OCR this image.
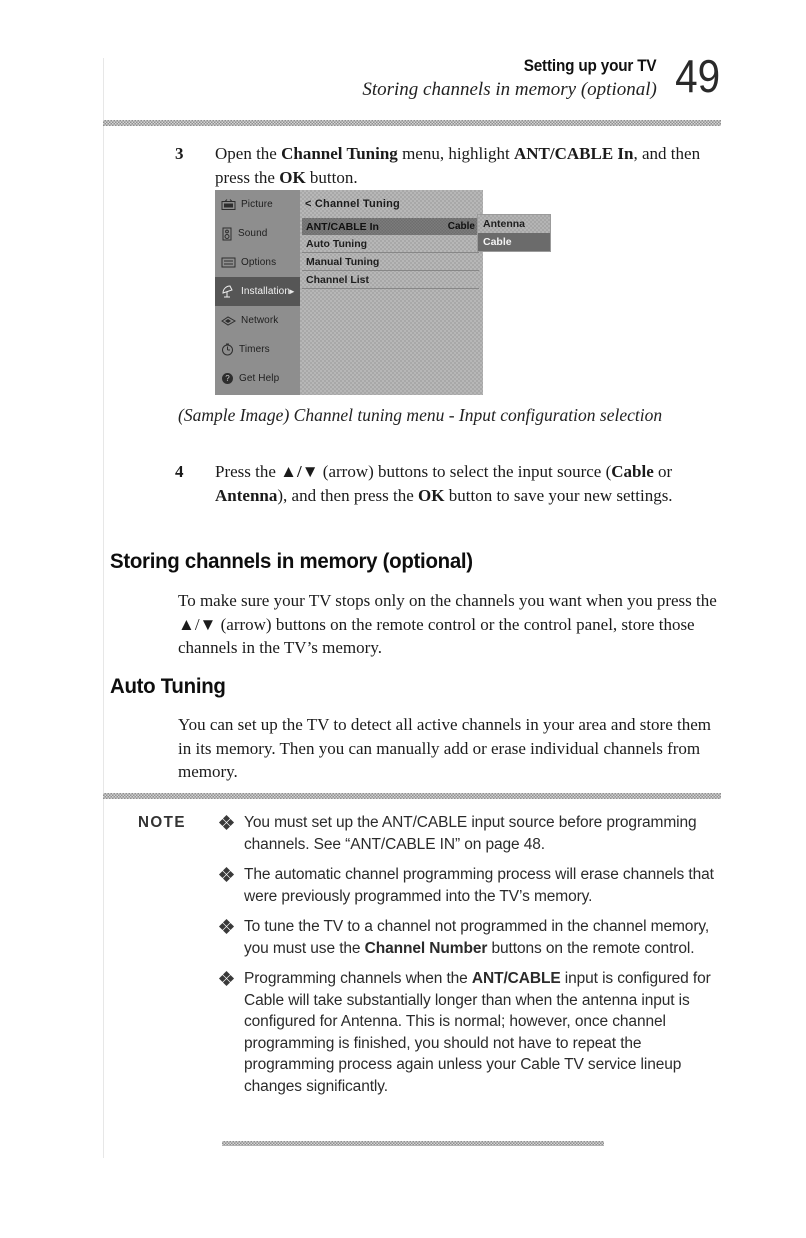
Setting up your TV
Storing channels in memory (optional) 49
3	Open the Channel Tuning menu, highlight ANT/CABLE In, and then press the OK button.

Picture
Sound
Options
Installation
►
Network
Timers
? Get Help
< Channel Tuning
ANT/CABLE In	Cable
Auto Tuning
Manual Tuning
Channel List
Antenna
Cable

(Sample Image) Channel tuning menu - Input configuration selection

4	Press the ▲/▼ (arrow) buttons to select the input source (Cable or Antenna), and then press the OK button to save your new settings.

Storing channels in memory (optional)

To make sure your TV stops only on the channels you want when you press the ▲/▼ (arrow) buttons on the remote control or the control panel, store those channels in the TV’s memory.

Auto Tuning

You can set up the TV to detect all active channels in your area and store them in its memory. Then you can manually add or erase individual channels from memory.

NOTE	You must set up the ANT/CABLE input source before programming channels. See “ANT/CABLE IN” on page 48.

The automatic channel programming process will erase channels that were previously programmed into the TV’s memory.

To tune the TV to a channel not programmed in the channel memory, you must use the Channel Number buttons on the remote control.

Programming channels when the ANT/CABLE input is configured for Cable will take substantially longer than when the antenna input is configured for Antenna. This is normal; however, once channel programming is finished, you should not have to repeat the programming process again unless your Cable TV service lineup changes significantly.
